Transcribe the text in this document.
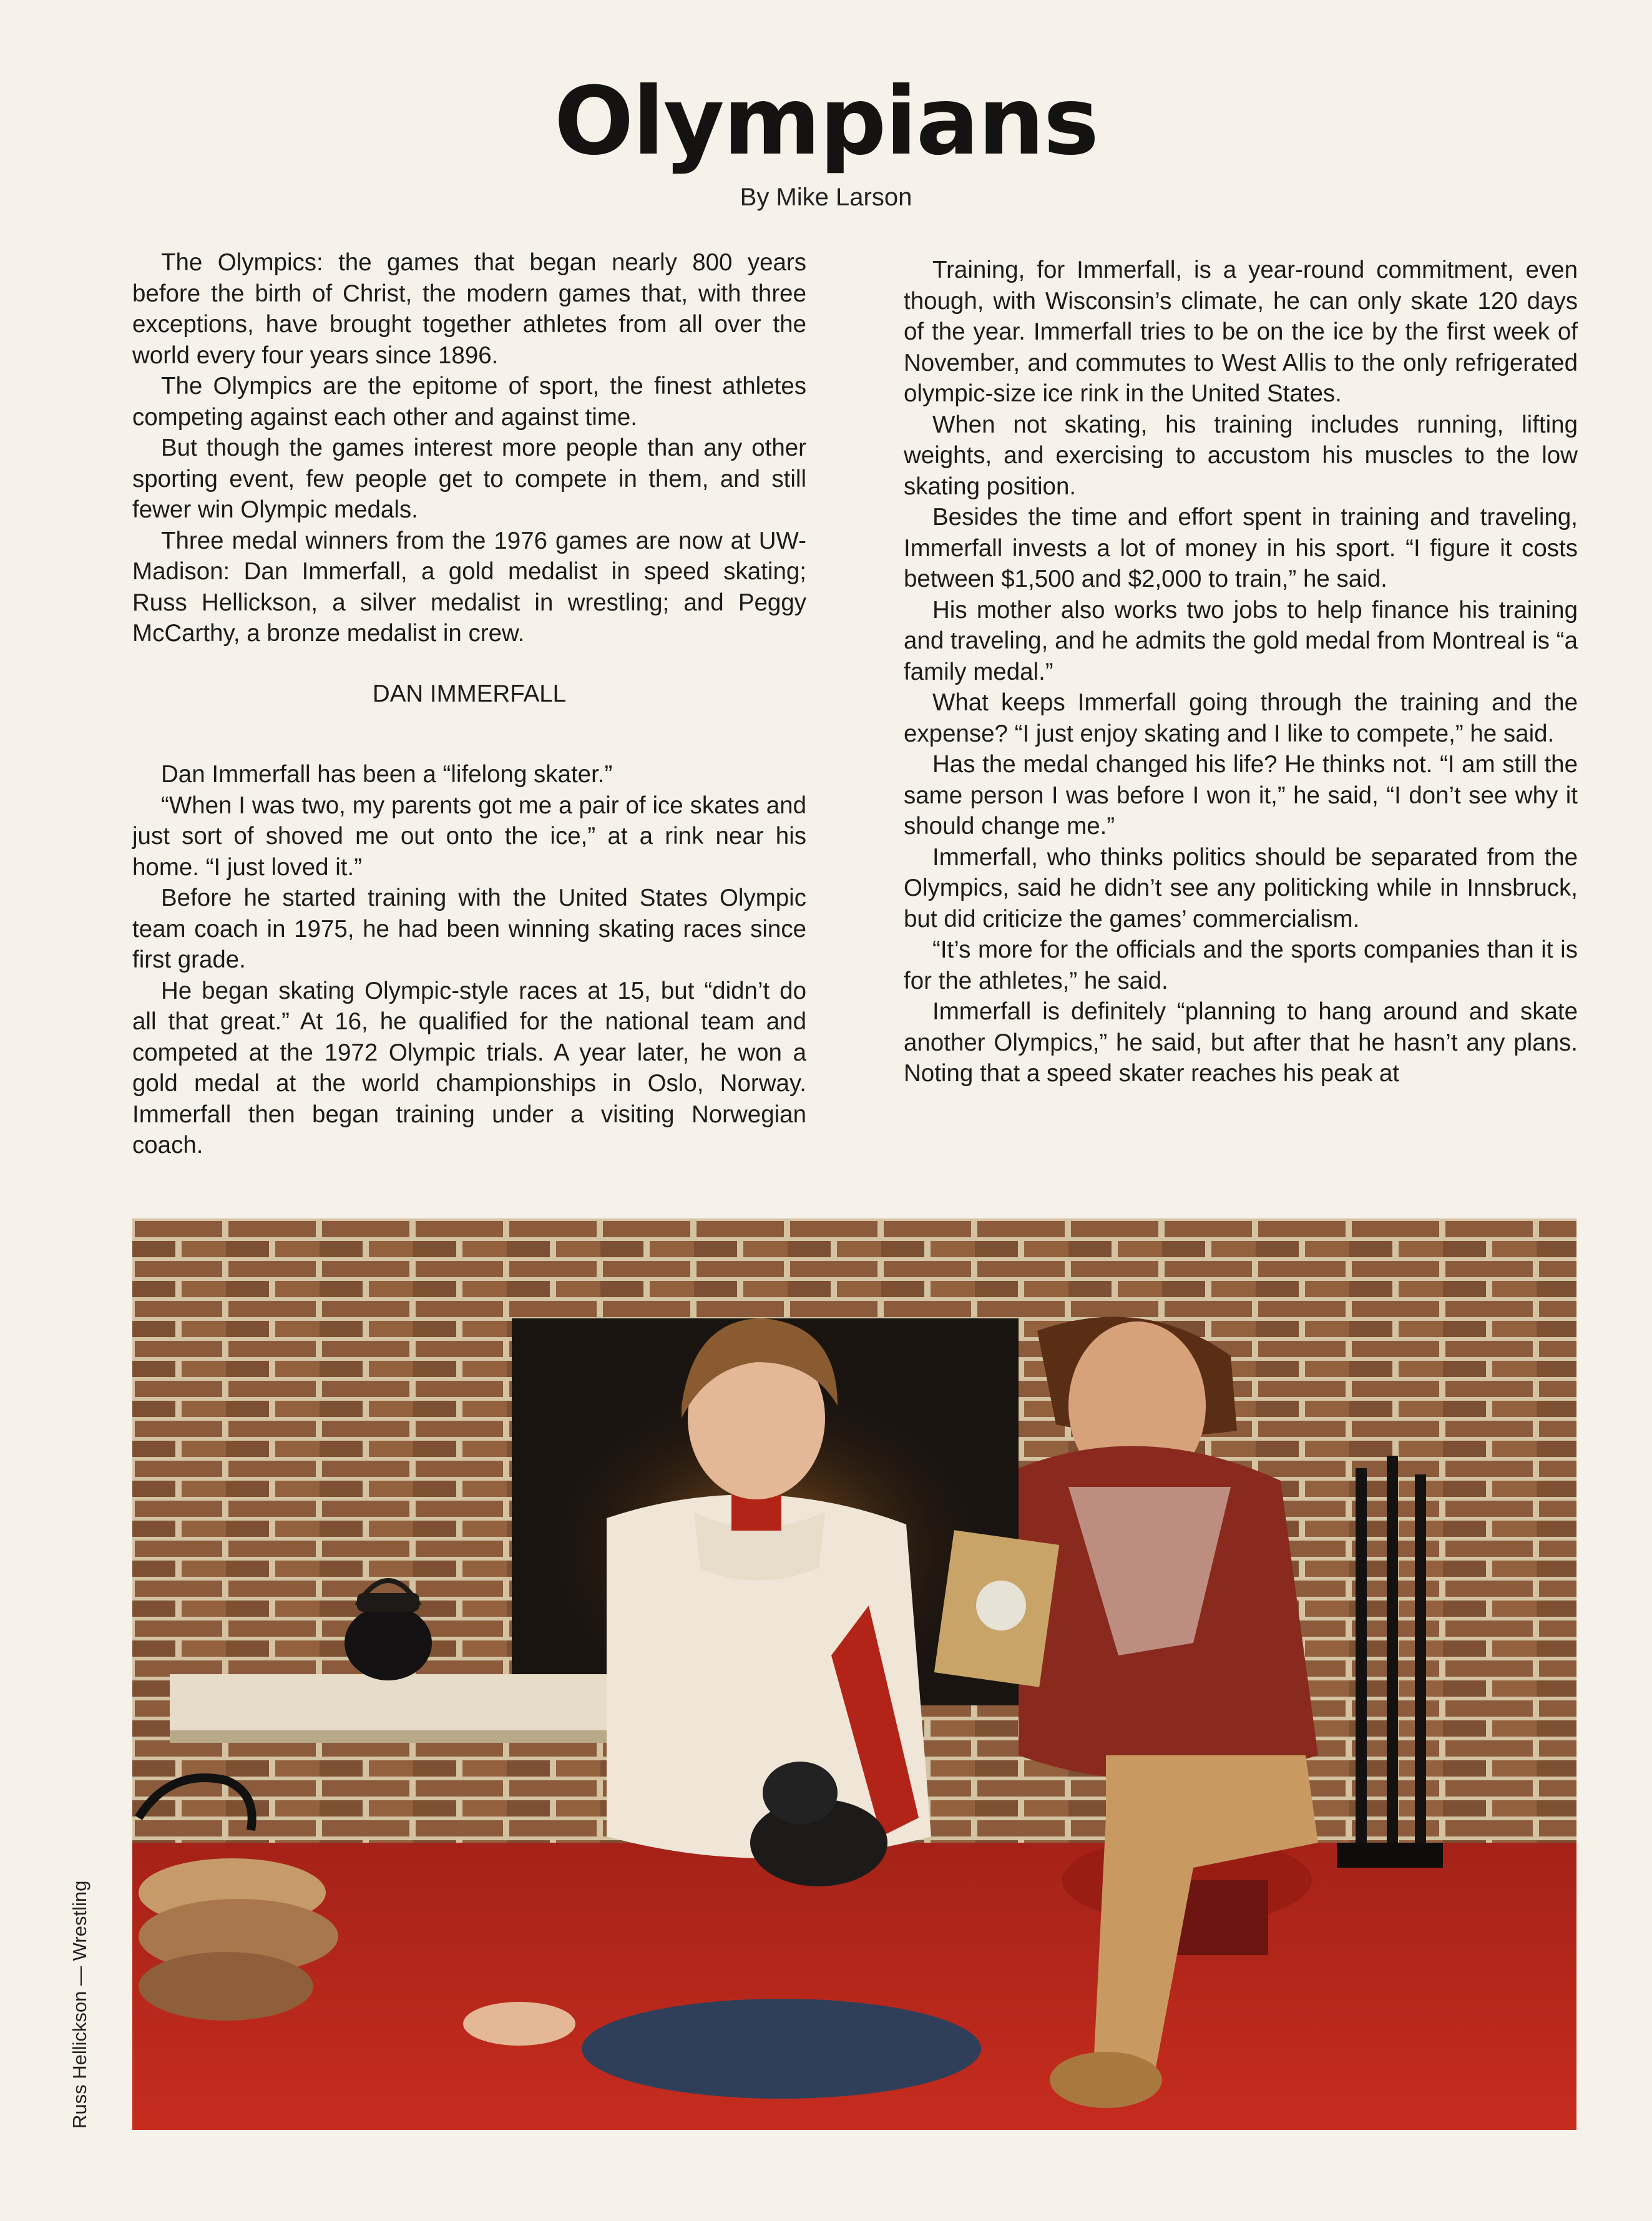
Olympians
By Mike Larson

The Olympics: the games that began nearly 800 years before the birth of Christ, the modern games that, with three exceptions, have brought together athletes from all over the world every four years since 1896.

The Olympics are the epitome of sport, the finest athletes competing against each other and against time.

But though the games interest more people than any other sporting event, few people get to compete in them, and still fewer win Olympic medals.

Three medal winners from the 1976 games are now at UW-Madison: Dan Immerfall, a gold medalist in speed skating; Russ Hellickson, a silver medalist in wrestling; and Peggy McCarthy, a bronze medalist in crew.

DAN IMMERFALL

Dan Immerfall has been a “lifelong skater.”

“When I was two, my parents got me a pair of ice skates and just sort of shoved me out onto the ice,” at a rink near his home. “I just loved it.”

Before he started training with the United States Olympic team coach in 1975, he had been winning skating races since first grade.

He began skating Olympic-style races at 15, but “didn’t do all that great.” At 16, he qualified for the national team and competed at the 1972 Olympic trials. A year later, he won a gold medal at the world championships in Oslo, Norway. Immerfall then began training under a visiting Norwegian coach.

Training, for Immerfall, is a year-round commitment, even though, with Wisconsin’s climate, he can only skate 120 days of the year. Immerfall tries to be on the ice by the first week of November, and commutes to West Allis to the only refrigerated olympic-size ice rink in the United States.

When not skating, his training includes running, lifting weights, and exercising to accustom his muscles to the low skating position.

Besides the time and effort spent in training and traveling, Immerfall invests a lot of money in his sport. “I figure it costs between $1,500 and $2,000 to train,” he said.

His mother also works two jobs to help finance his training and traveling, and he admits the gold medal from Montreal is “a family medal.”

What keeps Immerfall going through the training and the expense? “I just enjoy skating and I like to compete,” he said.

Has the medal changed his life? He thinks not. “I am still the same person I was before I won it,” he said, “I don’t see why it should change me.”

Immerfall, who thinks politics should be separated from the Olympics, said he didn’t see any politicking while in Innsbruck, but did criticize the games’ commercialism.

“It’s more for the officials and the sports companies than it is for the athletes,” he said.

Immerfall is definitely “planning to hang around and skate another Olympics,” he said, but after that he hasn’t any plans. Noting that a speed skater reaches his peak at

Russ Hellickson — Wrestling
